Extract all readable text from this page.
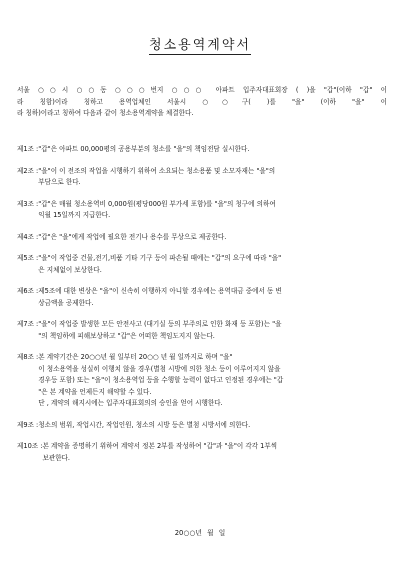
청소용역계약서
서울 ○○시 ○○동 ○○○번지 ○○○ 아파트 입주자대표회장 ( )을 "갑"(이하 "갑" 이
라 칭함)이라 칭하고 용역업체인 서울시 ○○구( )를 "을" (이하 "을" 이
라 칭하)이라고 칭하여 다음과 같이 청소용역계약을 체결한다.
제1조 : "갑"은 아파트 00,000평의 공용부분의 청소를 "을"의 책임전담 실시한다.
제2조 : "을"이 이 전조의 작업을 시행하기 위하여 소요되는 청소용품 및 소모자재는 "을"의
부담으로 한다.
제3조 : "갑"은 매월 청소용역비 0,000원(평당000원 부가세 포함)를 "을"의 청구에 의하여
익월 15일까지 지급한다.
제4조 : "갑"은 "을"에게 작업에 필요한 전기나 용수를 무상으로 제공한다.
제5조 : "을"이 작업중 건물,전기,비품 기타 기구 등이 파손될 때에는 "갑"의 요구에 따라 "을"
은 지체없이 보상한다.
제6조 : 제5조에 대한 변상은 "을"이 신속히 이행하지 아니할 경우에는 용역대금 중에서 동 변
상금액을 공제한다.
제7조 : "을"이 작업중 발생한 모든 안전사고 (대기실 등의 부주의로 인한 화재 등 포함)는 "을
"의 책임하에 피해보상하고 "갑"은 어떠한 책임도지지 않는다.
제8조 : 본 계약기간은 20○○년 월 일부터 20○○ 년 월 일까지로 하며 "을"
이 청소용역을 성실히 이행치 않을 경우(별첨 시방에 의한 청소 등이 이루어지지 않을
경우등 포함) 또는 "을"이 청소용역업 등을 수행할 능력이 없다고 인정된 경우에는 "갑
"은 본 계약을 언제든지 해약할 수 있다.
단 , 계약의 해지시에는 입주자대표회의의 승인을 얻어 시행한다.
제9조 : 청소의 범위, 작업시간, 작업인원, 청소의 시방 등은 별첨 시방서에 의한다.
제10조 : 본 계약을 증명하기 위하여 계약서 정본 2부를 작성하여 "갑"과 "을"이 각각 1부씩
보관한다.
20○○년 월 일
